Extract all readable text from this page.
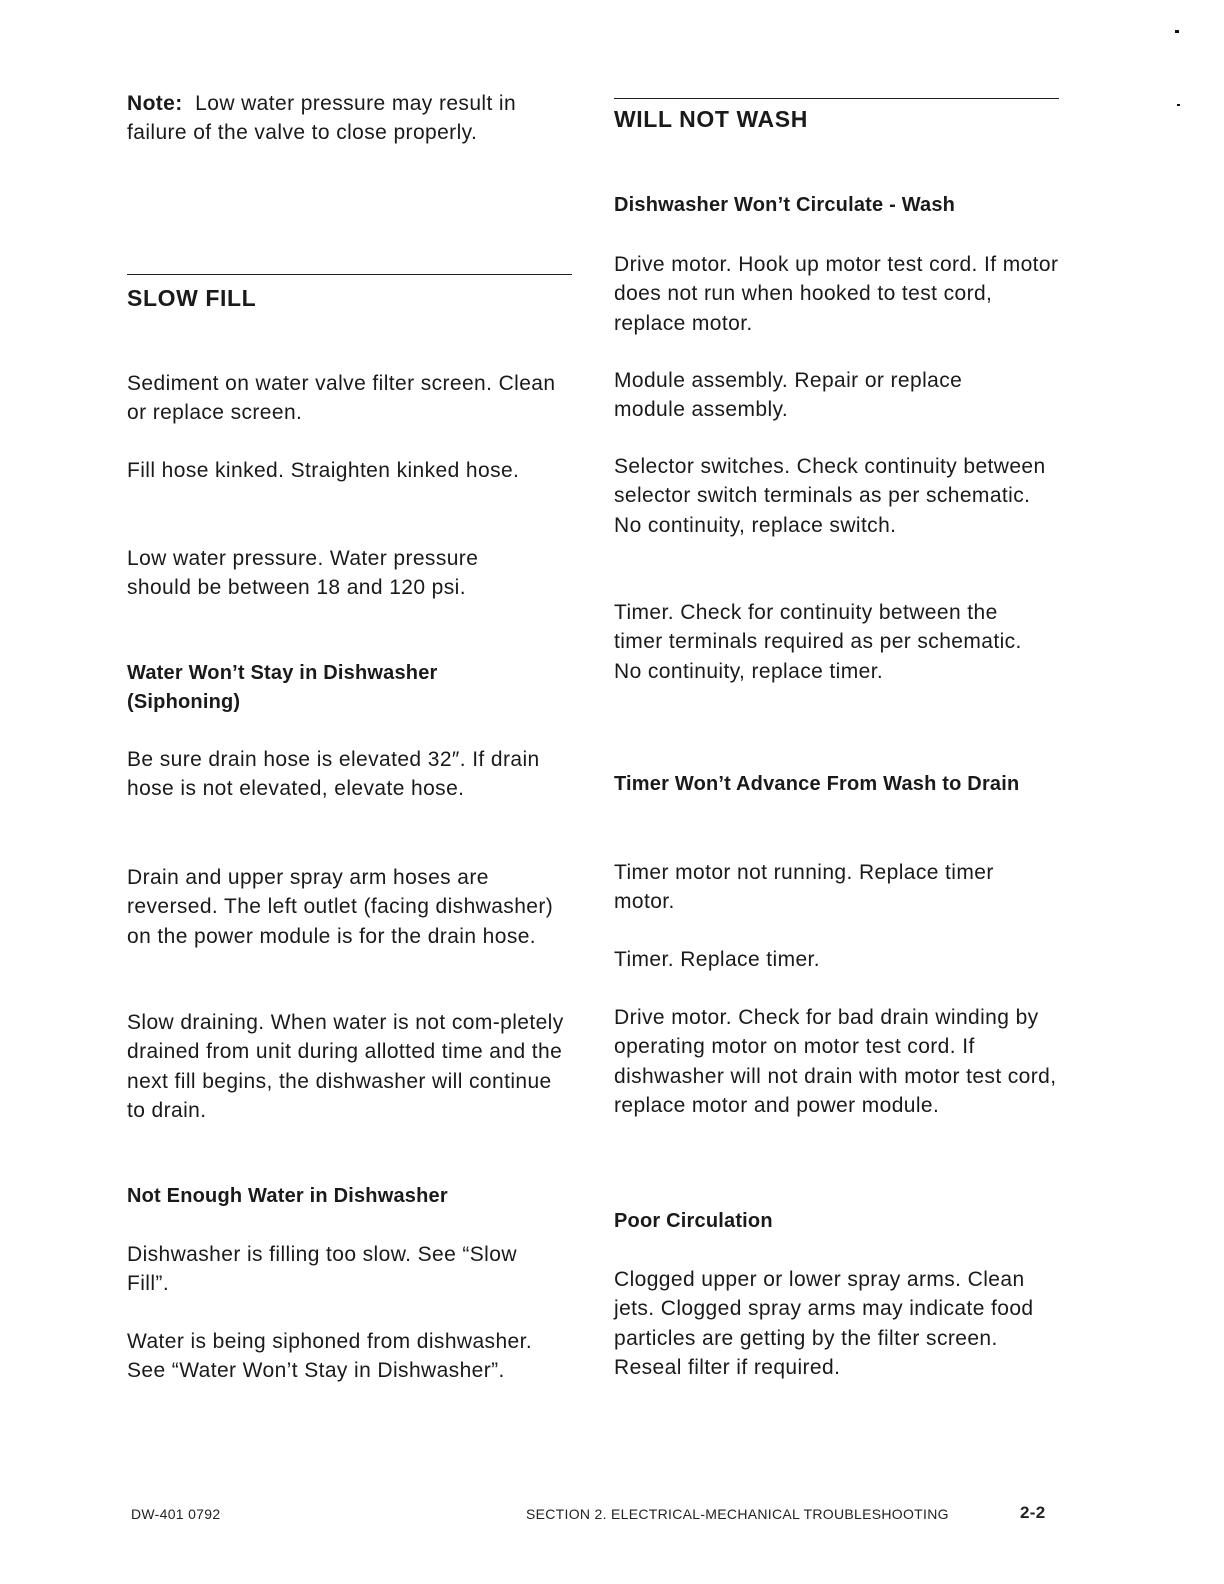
Note: Low water pressure may result in failure of the valve to close properly.

SLOW FILL

Sediment on water valve filter screen. Clean or replace screen.

Fill hose kinked. Straighten kinked hose.

Low water pressure. Water pressure should be between 18 and 120 psi.

Water Won’t Stay in Dishwasher (Siphoning)

Be sure drain hose is elevated 32″. If drain hose is not elevated, elevate hose.

Drain and upper spray arm hoses are reversed. The left outlet (facing dishwasher) on the power module is for the drain hose.

Slow draining. When water is not com-pletely drained from unit during allotted time and the next fill begins, the dishwasher will continue to drain.

Not Enough Water in Dishwasher

Dishwasher is filling too slow. See “Slow Fill”.

Water is being siphoned from dishwasher. See “Water Won’t Stay in Dishwasher”.

WILL NOT WASH
Dishwasher Won’t Circulate - Wash

Drive motor. Hook up motor test cord. If motor does not run when hooked to test cord, replace motor.

Module assembly. Repair or replace module assembly.

Selector switches. Check continuity between selector switch terminals as per schematic. No continuity, replace switch.

Timer. Check for continuity between the timer terminals required as per schematic. No continuity, replace timer.

Timer Won’t Advance From Wash to Drain

Timer motor not running. Replace timer motor.

Timer. Replace timer.

Drive motor. Check for bad drain winding by operating motor on motor test cord. If dishwasher will not drain with motor test cord, replace motor and power module.

Poor Circulation

Clogged upper or lower spray arms. Clean jets. Clogged spray arms may indicate food particles are getting by the filter screen. Reseal filter if required.

DW-401 0792	SECTION 2. ELECTRICAL-MECHANICAL TROUBLESHOOTING	2-2
